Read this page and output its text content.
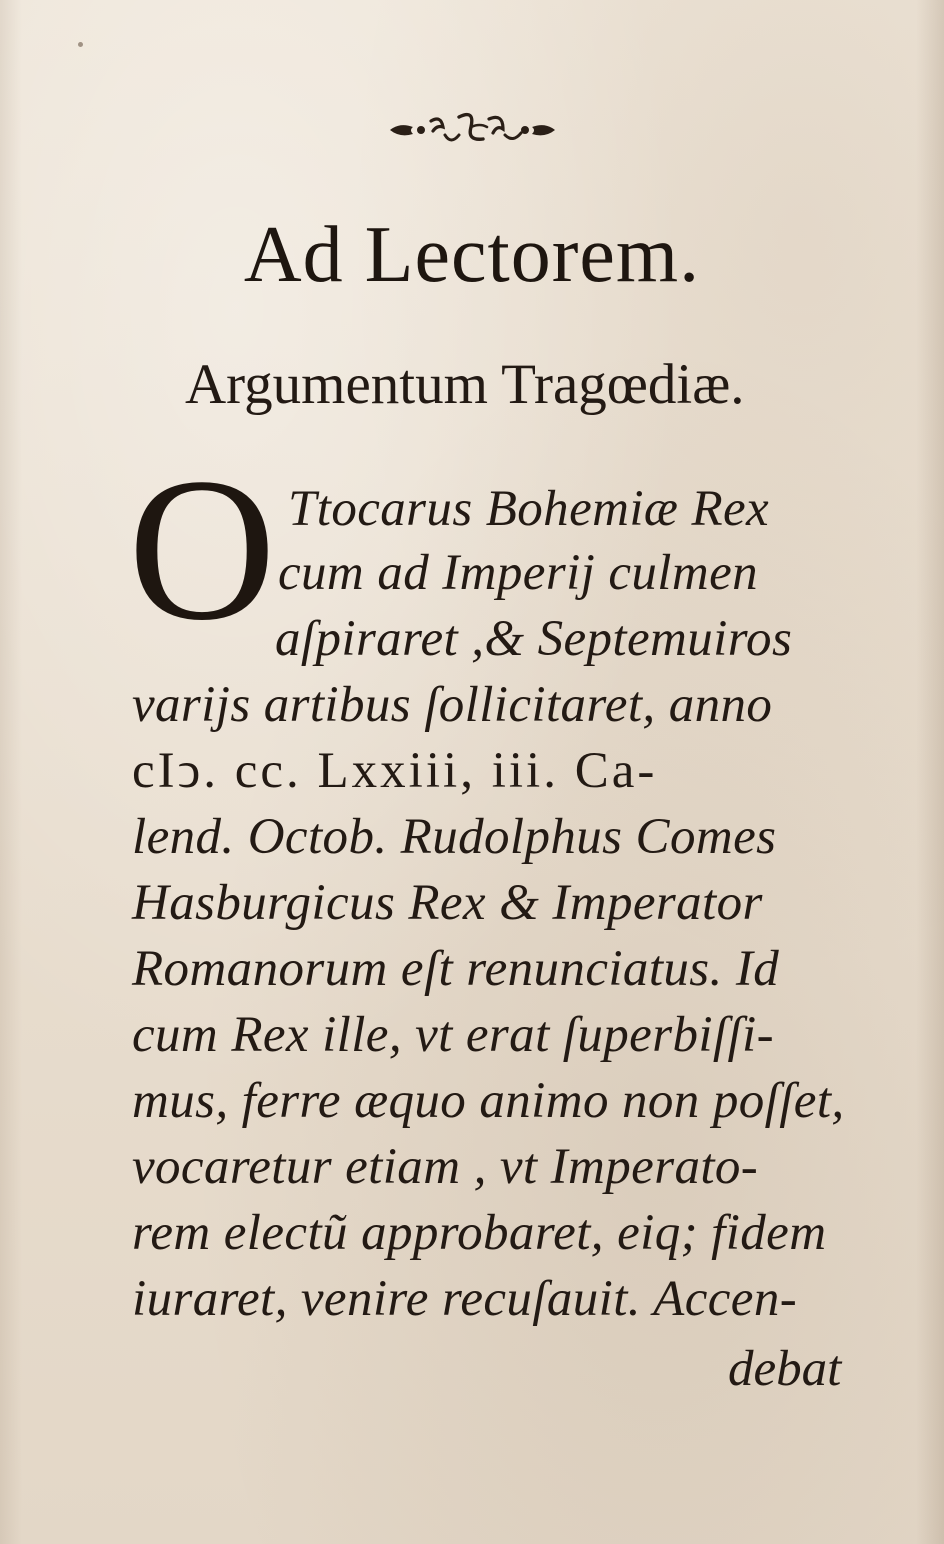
Ad Lectorem.
Argumentum Tragœdiæ.
O Ttocarus Bohemiæ Rex
cum ad Imperij culmen
aſpiraret ,& Septemuiros
varijs artibus ſollicitaret, anno
cIↄ. cc. Lxxiii, iii. Ca-
lend. Octob. Rudolphus Comes
Hasburgicus Rex & Imperator
Romanorum eſt renunciatus. Id
cum Rex ille, vt erat ſuperbiſſi-
mus, ferre æquo animo non poſſet,
vocaretur etiam , vt Imperato-
rem electũ approbaret, eiq; fidem
iuraret, venire recuſauit. Accen-
debat
